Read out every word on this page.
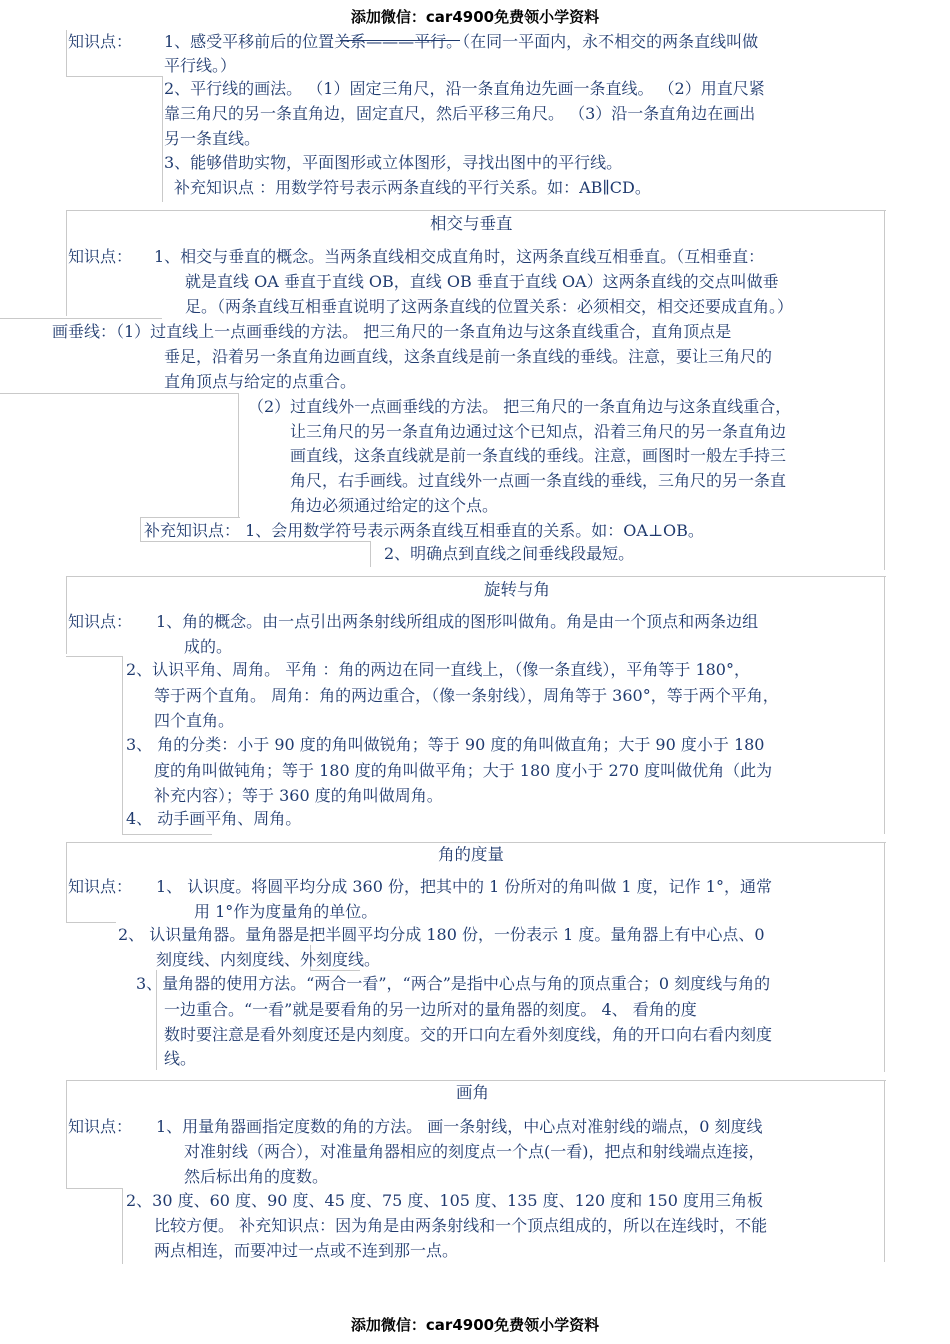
添加微信：car4900免费领小学资料
知识点： 1、感受平移前后的位置关系———平行。（在同一平面内，永不相交的两条直线叫做
平行线。）
2、平行线的画法。 （1）固定三角尺，沿一条直角边先画一条直线。 （2）用直尺紧
靠三角尺的另一条直角边，固定直尺，然后平移三角尺。 （3）沿一条直角边在画出
另一条直线。
3、能够借助实物，平面图形或立体图形，寻找出图中的平行线。
补充知识点 ：用数学符号表示两条直线的平行关系。如：AB∥CD。
相交与垂直
知识点： 1、相交与垂直的概念。当两条直线相交成直角时，这两条直线互相垂直。（互相垂直：
就是直线 OA 垂直于直线 OB，直线 OB 垂直于直线 OA）这两条直线的交点叫做垂
足。（两条直线互相垂直说明了这两条直线的位置关系：必须相交，相交还要成直角。）
画垂线：（1）过直线上一点画垂线的方法。 把三角尺的一条直角边与这条直线重合，直角顶点是
垂足，沿着另一条直角边画直线，这条直线是前一条直线的垂线。注意，要让三角尺的
直角顶点与给定的点重合。
（2）过直线外一点画垂线的方法。 把三角尺的一条直角边与这条直线重合，
让三角尺的另一条直角边通过这个已知点，沿着三角尺的另一条直角边
画直线，这条直线就是前一条直线的垂线。注意，画图时一般左手持三
角尺，右手画线。过直线外一点画一条直线的垂线，三角尺的另一条直
角边必须通过给定的这个点。
补充知识点： 1、会用数学符号表示两条直线互相垂直的关系。如：OA⊥OB。
2、明确点到直线之间垂线段最短。
旋转与角
知识点： 1、角的概念。由一点引出两条射线所组成的图形叫做角。角是由一个顶点和两条边组
成的。
2、认识平角、周角。 平角 ：角的两边在同一直线上，（像一条直线），平角等于 180°，
等于两个直角。 周角：角的两边重合，（像一条射线），周角等于 360°，等于两个平角，
四个直角。
3、 角的分类：小于 90 度的角叫做锐角；等于 90 度的角叫做直角；大于 90 度小于 180
度的角叫做钝角；等于 180 度的角叫做平角；大于 180 度小于 270 度叫做优角（此为
补充内容）；等于 360 度的角叫做周角。
4、 动手画平角、周角。
角的度量
知识点： 1、 认识度。将圆平均分成 360 份，把其中的 1 份所对的角叫做 1 度，记作 1°，通常
用 1°作为度量角的单位。
2、 认识量角器。量角器是把半圆平均分成 180 份，一份表示 1 度。量角器上有中心点、0
刻度线、内刻度线、外刻度线。
3、量角器的使用方法。“两合一看”，“两合”是指中心点与角的顶点重合；0 刻度线与角的
一边重合。“一看”就是要看角的另一边所对的量角器的刻度。 4、 看角的度
数时要注意是看外刻度还是内刻度。交的开口向左看外刻度线，角的开口向右看内刻度
线。
画角
知识点： 1、用量角器画指定度数的角的方法。 画一条射线，中心点对准射线的端点，0 刻度线
对准射线（两合），对准量角器相应的刻度点一个点(一看)，把点和射线端点连接，
然后标出角的度数。
2、30 度、60 度、90 度、45 度、75 度、105 度、135 度、120 度和 150 度用三角板
比较方便。 补充知识点：因为角是由两条射线和一个顶点组成的，所以在连线时，不能
两点相连，而要冲过一点或不连到那一点。
添加微信：car4900免费领小学资料
